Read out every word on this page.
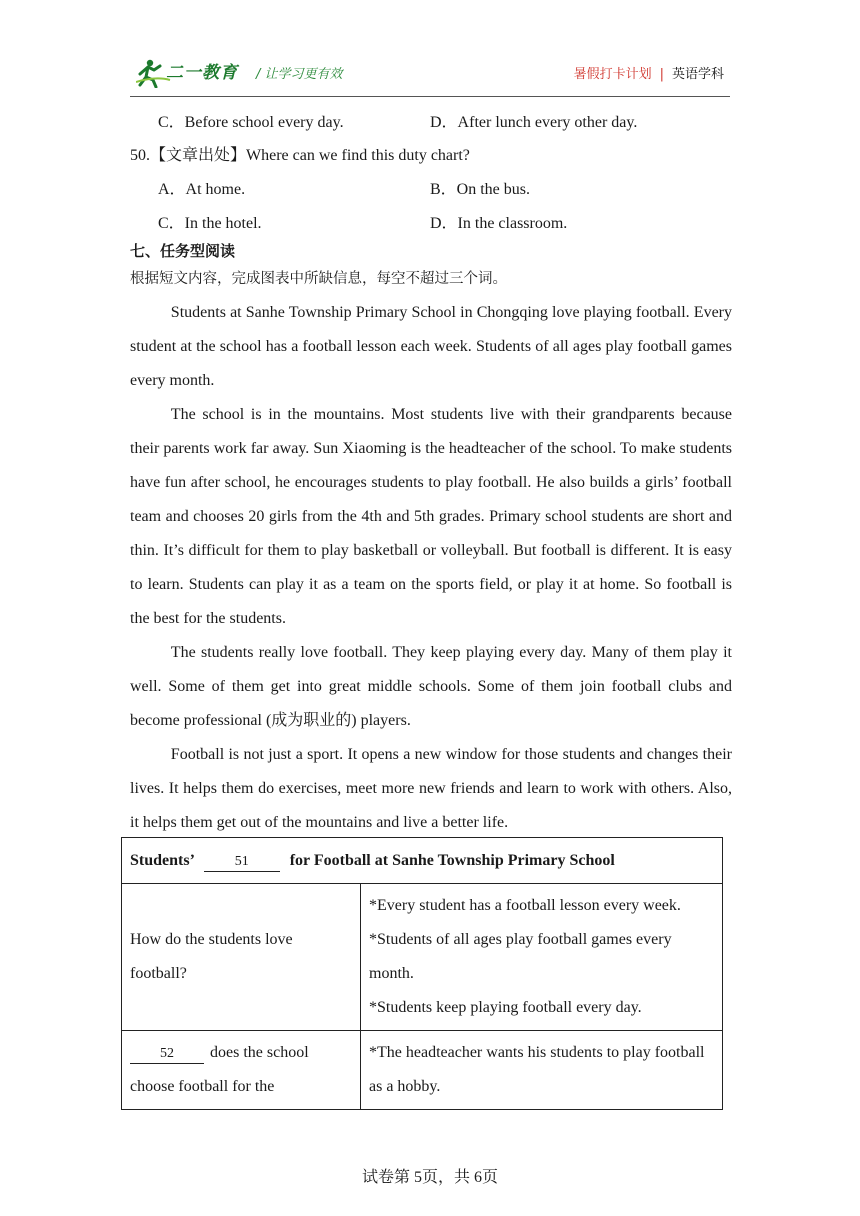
二一教育 / 让学习更有效	暑假打卡计划 | 英语学科
C．Before school every day.	D．After lunch every other day.
50.【文章出处】Where can we find this duty chart?
A．At home.	B．On the bus.
C．In the hotel.	D．In the classroom.
七、任务型阅读
根据短文内容，完成图表中所缺信息，每空不超过三个词。

Students at Sanhe Township Primary School in Chongqing love playing football. Every student at the school has a football lesson each week. Students of all ages play football games every month.

The school is in the mountains. Most students live with their grandparents because their parents work far away. Sun Xiaoming is the headteacher of the school. To make students have fun after school, he encourages students to play football. He also builds a girls’ football team and chooses 20 girls from the 4th and 5th grades. Primary school students are short and thin. It’s difficult for them to play basketball or volleyball. But football is different. It is easy to learn. Students can play it as a team on the sports field, or play it at home. So football is the best for the students.

The students really love football. They keep playing every day. Many of them play it well. Some of them get into great middle schools. Some of them join football clubs and become professional (成为职业的) players.

Football is not just a sport. It opens a new window for those students and changes their lives. It helps them do exercises, meet more new friends and learn to work with others. Also, it helps them get out of the mountains and live a better life.

Students’ 51 for Football at Sanhe Township Primary School	
How do the students love football?	*Every student has a football lesson every week.
*Students of all ages play football games every month.
*Students keep playing football every day.

52 does the school choose football for the	*The headteacher wants his students to play football as a hobby.
试卷第 5页，共 6页
